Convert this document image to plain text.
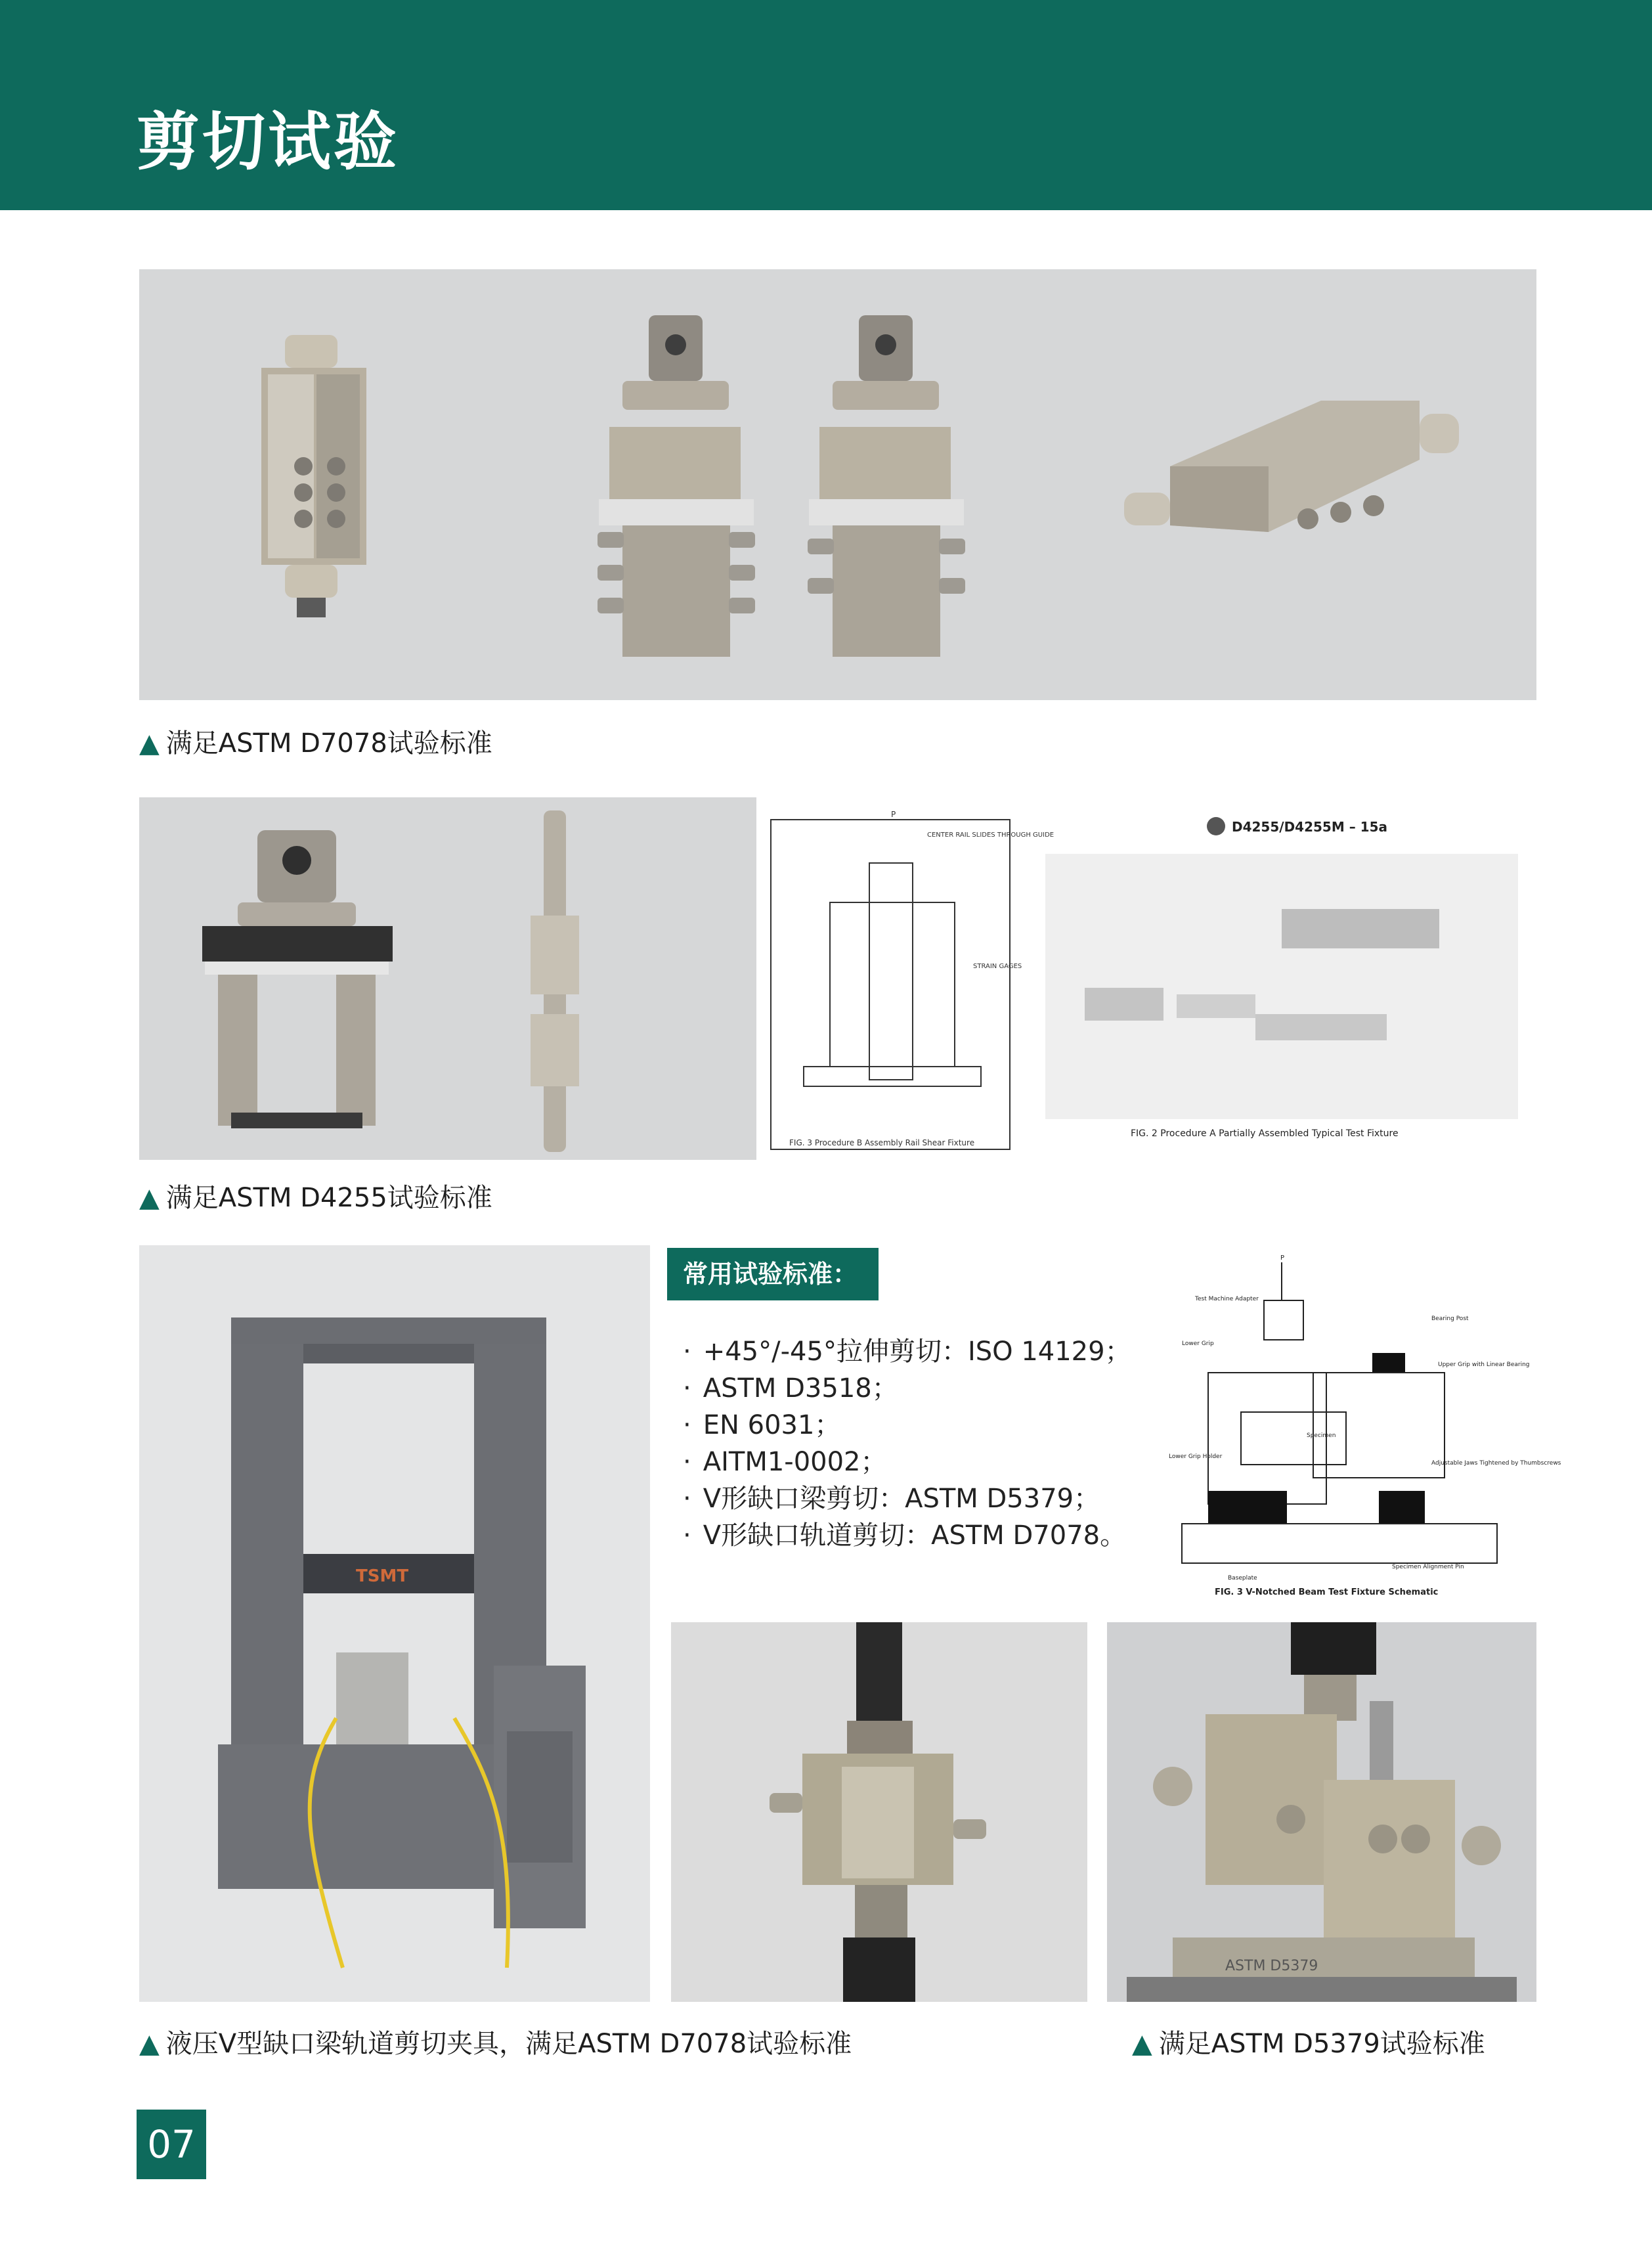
剪切试验
▲ 满足ASTM D7078试验标准
P
CENTER RAIL SLIDES THROUGH GUIDE
STRAIN GAGES
FIG. 3 Procedure B Assembly Rail Shear Fixture
D4255/D4255M – 15a
FIG. 2 Procedure A Partially Assembled Typical Test Fixture
▲ 满足ASTM D4255试验标准
TSMT
常用试验标准：
· +45°/-45°拉伸剪切：ISO 14129；
· ASTM D3518；
· EN 6031；
· AITM1-0002；
· V形缺口梁剪切：ASTM D5379；
· V形缺口轨道剪切：ASTM D7078。
P
Test Machine Adapter
Bearing Post
Lower Grip
Upper Grip with Linear Bearing
Specimen
Lower Grip Holder
Adjustable Jaws Tightened by Thumbscrews
Baseplate
Specimen Alignment Pin
FIG. 3 V-Notched Beam Test Fixture Schematic
ASTM D5379
▲ 液压V型缺口梁轨道剪切夹具，满足ASTM D7078试验标准	▲ 满足ASTM D5379试验标准
07
